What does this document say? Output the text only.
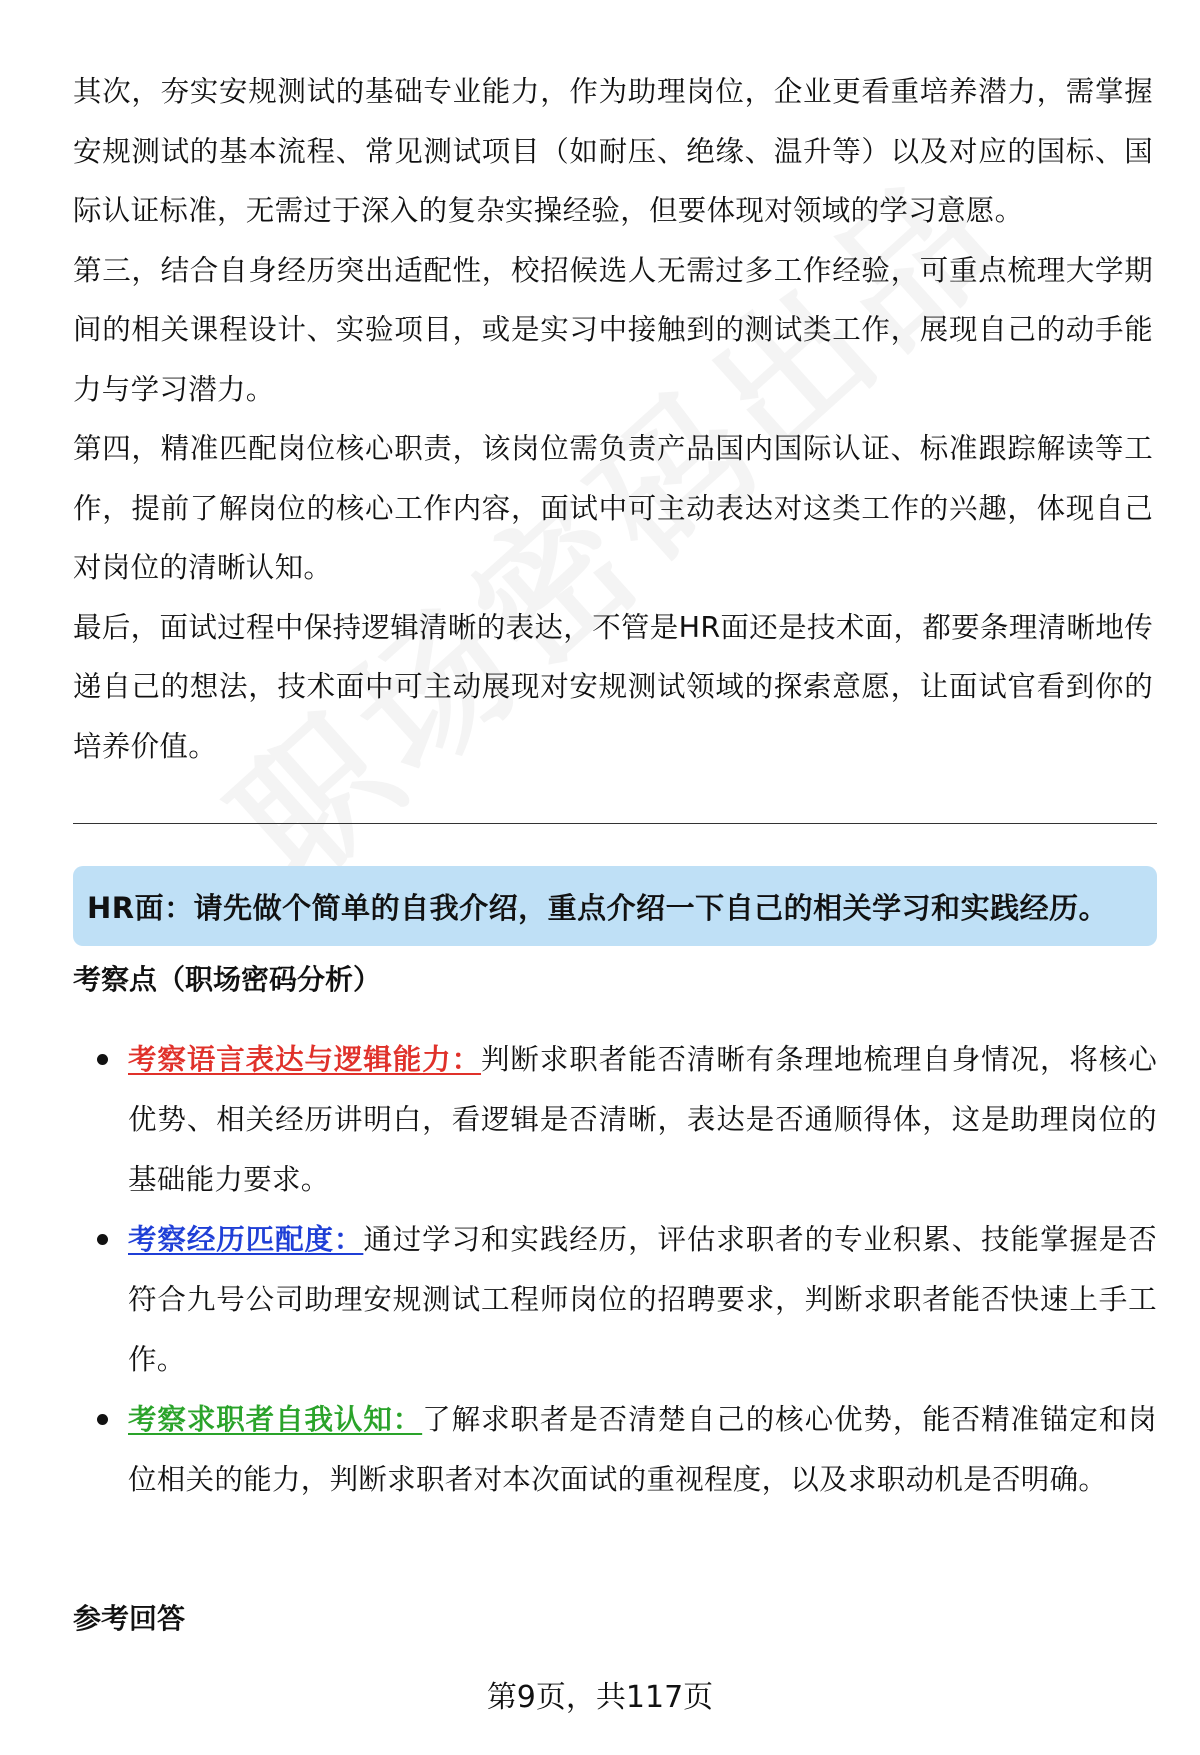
其次，夯实安规测试的基础专业能力，作为助理岗位，企业更看重培养潜力，需掌握安规测试的基本流程、常见测试项目（如耐压、绝缘、温升等）以及对应的国标、国际认证标准，无需过于深入的复杂实操经验，但要体现对领域的学习意愿。

第三，结合自身经历突出适配性，校招候选人无需过多工作经验，可重点梳理大学期间的相关课程设计、实验项目，或是实习中接触到的测试类工作，展现自己的动手能力与学习潜力。

第四，精准匹配岗位核心职责，该岗位需负责产品国内国际认证、标准跟踪解读等工作，提前了解岗位的核心工作内容，面试中可主动表达对这类工作的兴趣，体现自己对岗位的清晰认知。

最后，面试过程中保持逻辑清晰的表达，不管是HR面还是技术面，都要条理清晰地传递自己的想法，技术面中可主动展现对安规测试领域的探索意愿，让面试官看到你的培养价值。

HR面：请先做个简单的自我介绍，重点介绍一下自己的相关学习和实践经历。
考察点（职场密码分析）
考察语言表达与逻辑能力：判断求职者能否清晰有条理地梳理自身情况，将核心优势、相关经历讲明白，看逻辑是否清晰，表达是否通顺得体，这是助理岗位的基础能力要求。
考察经历匹配度：通过学习和实践经历，评估求职者的专业积累、技能掌握是否符合九号公司助理安规测试工程师岗位的招聘要求，判断求职者能否快速上手工作。
考察求职者自我认知：了解求职者是否清楚自己的核心优势，能否精准锚定和岗位相关的能力，判断求职者对本次面试的重视程度，以及求职动机是否明确。
参考回答
第9页，共117页
